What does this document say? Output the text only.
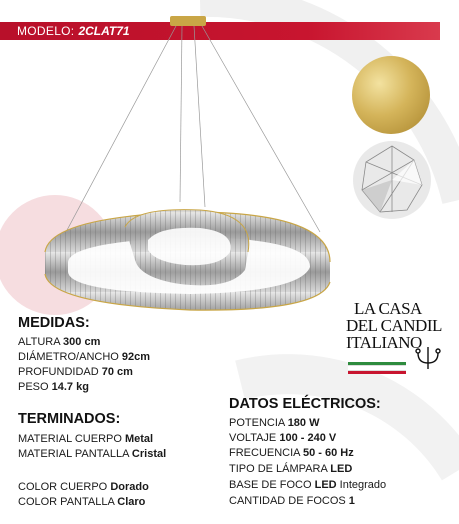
MODELO: 2CLAT71
LA CASA
DEL CANDIL
ITALIANO
MEDIDAS:
ALTURA 300 cm
DIÁMETRO/ANCHO 92cm
PROFUNDIDAD 70 cm
PESO 14.7 kg
TERMINADOS:
MATERIAL CUERPO Metal
MATERIAL PANTALLA Cristal
COLOR CUERPO Dorado
COLOR PANTALLA Claro
DATOS ELÉCTRICOS:
POTENCIA 180 W
VOLTAJE 100 - 240 V
FRECUENCIA 50 - 60 Hz
TIPO DE LÁMPARA LED
BASE DE FOCO LED Integrado
CANTIDAD DE FOCOS 1
